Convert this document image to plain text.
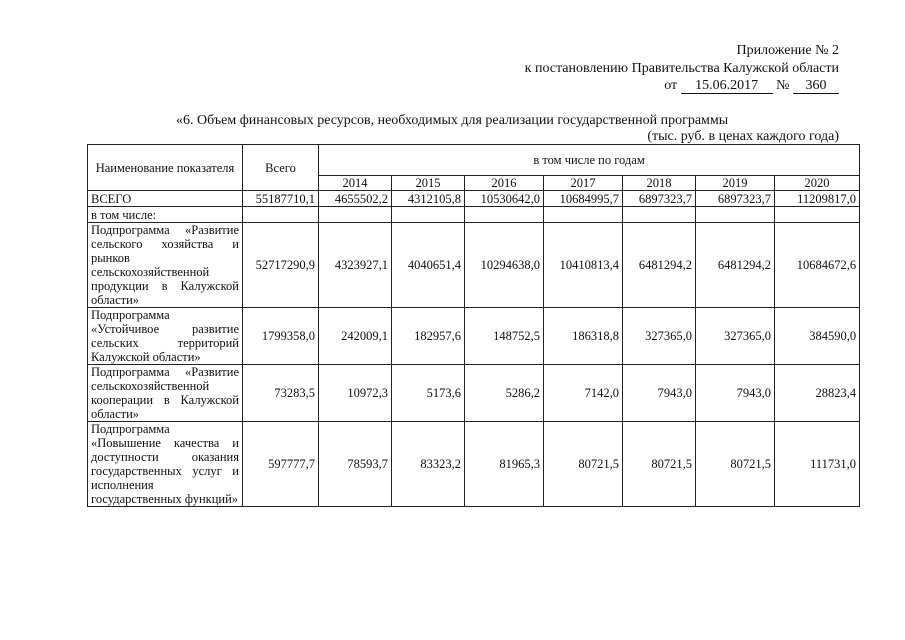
Приложение № 2
к постановлению Правительства Калужской области
от 15.06.2017 № 360
«6. Объем финансовых ресурсов, необходимых для реализации государственной программы
(тыс. руб. в ценах каждого года)
Наименование показателя	Всего	в том числе по годам						
		2014	2015	2016	2017	2018	2019	2020
ВСЕГО	55187710,1	4655502,2	4312105,8	10530642,0	10684995,7	6897323,7	6897323,7	11209817,0
в том числе:								
Подпрограмма «Развитие сельского хозяйства и рынков сельскохозяйственной продукции в Калужской области»	52717290,9	4323927,1	4040651,4	10294638,0	10410813,4	6481294,2	6481294,2	10684672,6
Подпрограмма «Устойчивое развитие сельских территорий Калужской области»	1799358,0	242009,1	182957,6	148752,5	186318,8	327365,0	327365,0	384590,0
Подпрограмма «Развитие сельскохозяйственной кооперации в Калужской области»	73283,5	10972,3	5173,6	5286,2	7142,0	7943,0	7943,0	28823,4
Подпрограмма «Повышение качества и доступности оказания государственных услуг и исполнения государственных функций»	597777,7	78593,7	83323,2	81965,3	80721,5	80721,5	80721,5	111731,0
